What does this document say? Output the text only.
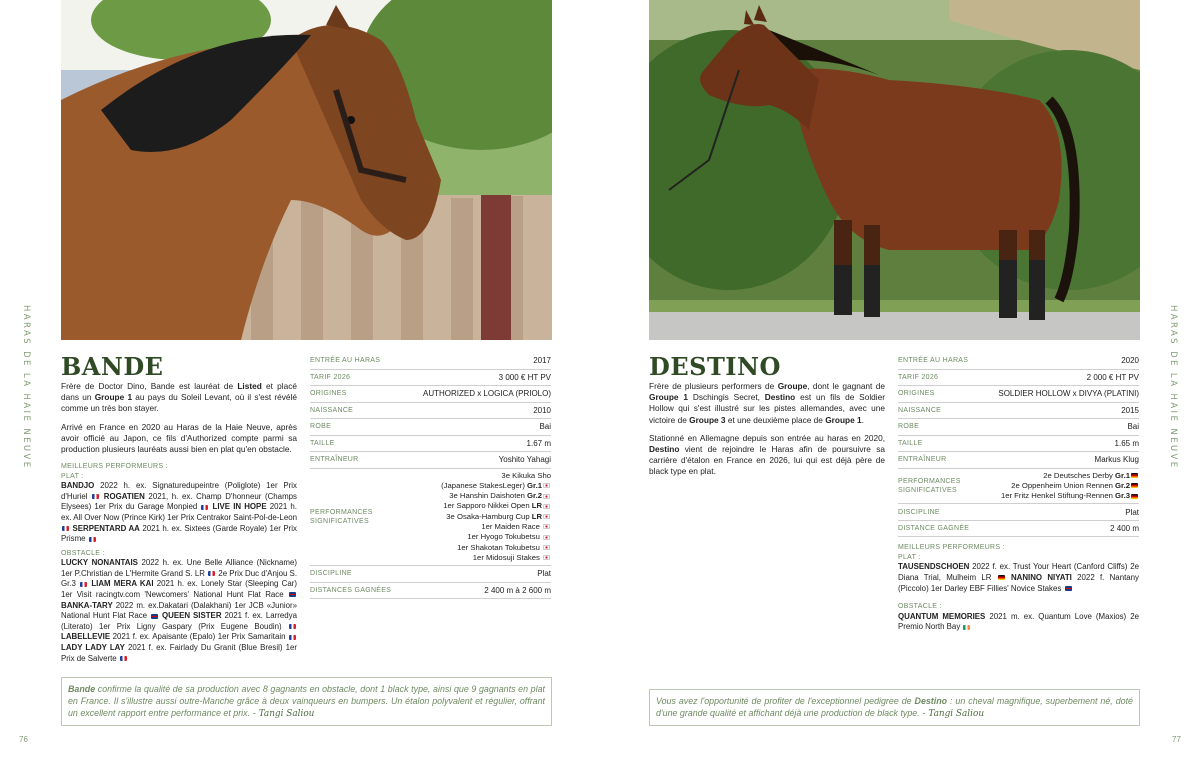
HARAS DE LA HAIE NEUVE
76
BANDE

Frère de Doctor Dino, Bande est lauréat de Listed et placé dans un Groupe 1 au pays du Soleil Levant, où il s'est révélé comme un très bon stayer.

Arrivé en France en 2020 au Haras de la Haie Neuve, après avoir officié au Japon, ce fils d'Authorized compte parmi sa production plusieurs lauréats aussi bien en plat qu'en obstacle.

MEILLEURS PERFORMEURS :
PLAT :
BANDJO 2022 h. ex. Signaturedupeintre (Poliglote) 1er Prix d'Huriel  ROGATIEN 2021, h. ex. Champ D'honneur (Champs Elysees) 1er Prix du Garage Monpied  LIVE IN HOPE 2021 h. ex. All Over Now (Prince Kirk) 1er Prix Centrakor Saint-Pol-de-Leon  SERPENTARD AA 2021 h. ex. Sixtees (Garde Royale) 1er Prix Prisme
OBSTACLE :
LUCKY NONANTAIS 2022 h. ex. Une Belle Alliance (Nickname) 1er P.Christian de L'Hermite Grand S. LR  2e Prix Duc d'Anjou S. Gr.3  LIAM MERA KAI 2021 h. ex. Lonely Star (Sleeping Car) 1er Visit racingtv.com 'Newcomers' National Hunt Flat Race  BANKA-TARY 2022 m. ex.Dakatari (Dalakhani) 1er JCB «Junior» National Hunt Flat Race  QUEEN SISTER 2021 f. ex. Larredya (Literato) 1er Prix Ligny Gaspary (Prix Eugene Boudin)  LABELLEVIE 2021 f. ex. Apaisante (Epalo) 1er Prix Samaritain  LADY LADY LAY 2021 f. ex. Fairlady Du Granit (Blue Bresil) 1er Prix de Salverte
ENTRÉE AU HARAS	2017
TARIF 2026	3 000 € HT PV
ORIGINES	AUTHORIZED x LOGICA (PRIOLO)
NAISSANCE	2010
ROBE	Bai
TAILLE	1.67 m
ENTRAÎNEUR	Yoshito Yahagi
PERFORMANCES
SIGNIFICATIVES
3e Kikuka Sho
(Japanese StakesLeger) Gr.1
3e Hanshin Daishoten Gr.2
1er Sapporo Nikkei Open LR
3e Osaka-Hamburg Cup LR
1er Maiden Race
1er Hyogo Tokubetsu
1er Shakotan Tokubetsu
1er Midosuji Stakes
DISCIPLINE	Plat
DISTANCES GAGNÉES	2 400 m à 2 600 m
Bande confirme la qualité de sa production avec 8 gagnants en obstacle, dont 1 black type, ainsi que 9 gagnants en plat en France. Il s'illustre aussi outre-Manche grâce à deux vainqueurs en bumpers. Un étalon polyvalent et régulier, offrant un excellent rapport entre performance et prix. - Tangi Saliou
HARAS DE LA HAIE NEUVE
77
DESTINO

Frère de plusieurs performers de Groupe, dont le gagnant de Groupe 1 Dschingis Secret, Destino est un fils de Soldier Hollow qui s'est illustré sur les pistes allemandes, avec une victoire de Groupe 3 et une deuxième place de Groupe 1.

Stationné en Allemagne depuis son entrée au haras en 2020, Destino vient de rejoindre le Haras afin de poursuivre sa carrière d'étalon en France en 2026, lui qui est déjà père de black type en plat.

ENTRÉE AU HARAS	2020
TARIF 2026	2 000 € HT PV
ORIGINES	SOLDIER HOLLOW x DIVYA (PLATINI)
NAISSANCE	2015
ROBE	Bai
TAILLE	1.65 m
ENTRAÎNEUR	Markus Klug
PERFORMANCES
SIGNIFICATIVES
2e Deutsches Derby Gr.1
2e Oppenheim Union Rennen Gr.2
1er Fritz Henkel Stiftung-Rennen Gr.3
DISCIPLINE	Plat
DISTANCE GAGNÉE	2 400 m
MEILLEURS PERFORMEURS :
PLAT :
TAUSENDSCHOEN 2022 f. ex. Trust Your Heart (Canford Cliffs) 2e Diana Trial, Mulheim LR  NANINO NIYATI 2022 f. Nantany (Piccolo) 1er Darley EBF Fillies' Novice Stakes
OBSTACLE :
QUANTUM MEMORIES 2021 m. ex. Quantum Love (Maxios) 2e Premio North Bay
Vous avez l'opportunité de profiter de l'exceptionnel pedigree de Destino : un cheval magnifique, superbement né, doté d'une grande qualité et affichant déjà une production de black type. - Tangi Saliou
